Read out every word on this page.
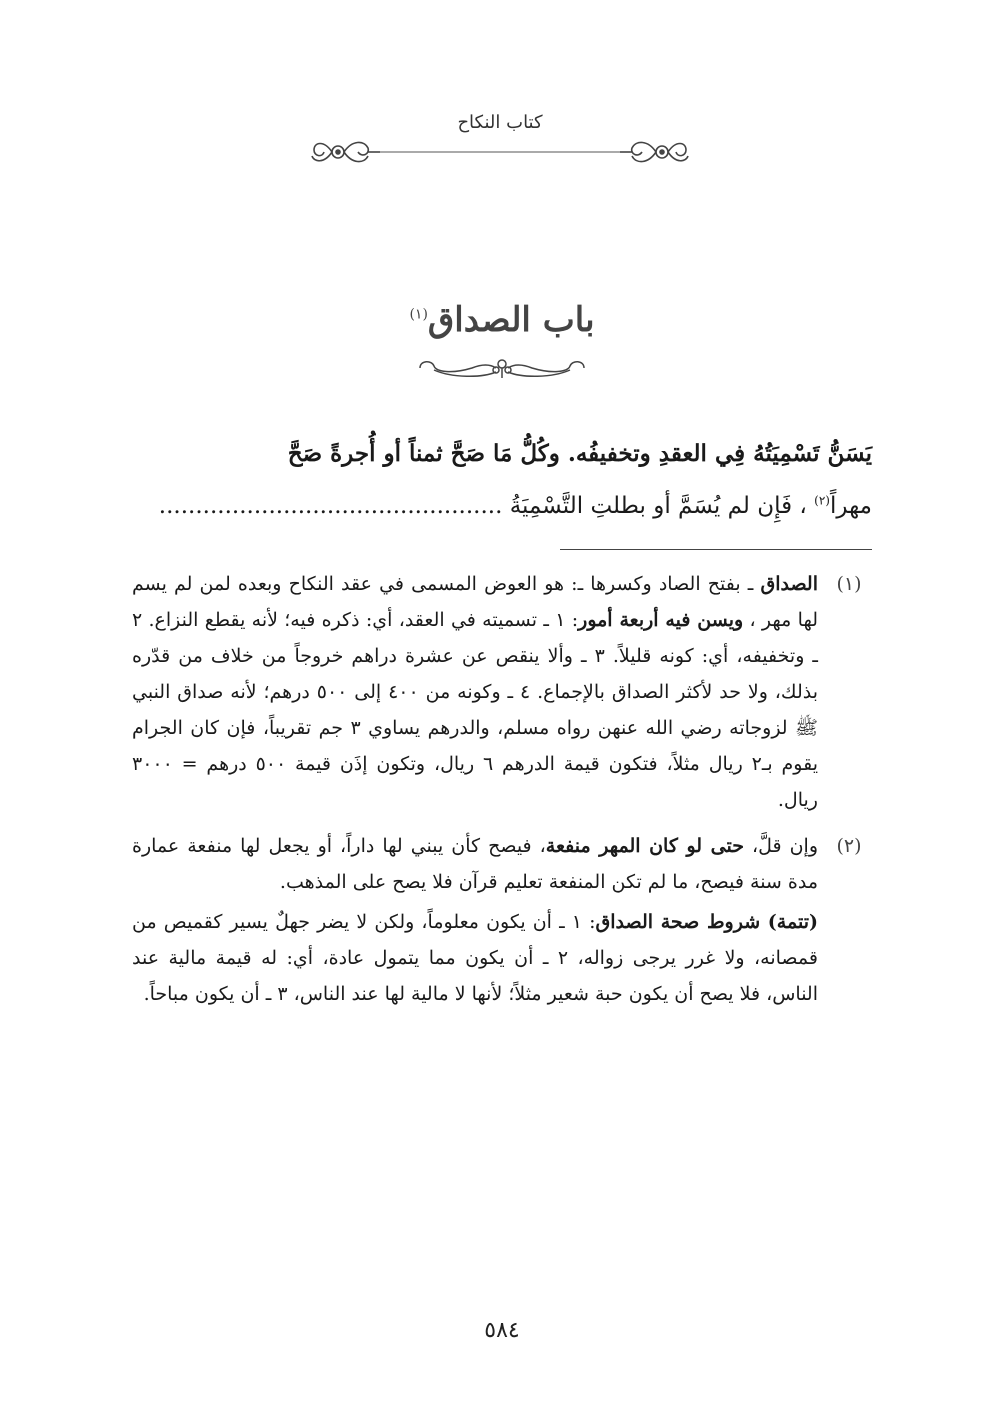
كتاب النكاح
باب الصداق$^{(١)}$
يَسَنُّ تَسْمِيَتُهُ فِي العقدِ وتخفيفُه. وكُلُّ مَا صَحَّ ثمناً أو أُجرةً صَحَّ
مهراً$^{(٢)}$ ، فَإِن لم يُسَمَّ أو بطلتِ التَّسْمِيَةُ ...............................................
(١)
الصداق ـ بفتح الصاد وكسرها ـ: هو العوض المسمى في عقد النكاح وبعده لمن لم يسم لها مهر ، ويسن فيه أربعة أمور: ١ ـ تسميته في العقد، أي: ذكره فيه؛ لأنه يقطع النزاع. ٢ ـ وتخفيفه، أي: كونه قليلاً. ٣ ـ وألا ينقص عن عشرة دراهم خروجاً من خلاف من قدّره بذلك، ولا حد لأكثر الصداق بالإجماع. ٤ ـ وكونه من ٤٠٠ إلى ٥٠٠ درهم؛ لأنه صداق النبي ﷺ لزوجاته رضي الله عنهن رواه مسلم، والدرهم يساوي ٣ جم تقريباً، فإن كان الجرام يقوم بـ٢ ريال مثلاً، فتكون قيمة الدرهم ٦ ريال، وتكون إذَن قيمة ٥٠٠ درهم = ٣٠٠٠ ريال.
(٢)
وإن قلَّ، حتى لو كان المهر منفعة، فيصح كأن يبني لها داراً، أو يجعل لها منفعة عمارة مدة سنة فيصح، ما لم تكن المنفعة تعليم قرآن فلا يصح على المذهب.
(تتمة) شروط صحة الصداق: ١ ـ أن يكون معلوماً، ولكن لا يضر جهلٌ يسير كقميص من قمصانه، ولا غرر يرجى زواله، ٢ ـ أن يكون مما يتمول عادة، أي: له قيمة مالية عند الناس، فلا يصح أن يكون حبة شعير مثلاً؛ لأنها لا مالية لها عند الناس، ٣ ـ أن يكون مباحاً.
٥٨٤
